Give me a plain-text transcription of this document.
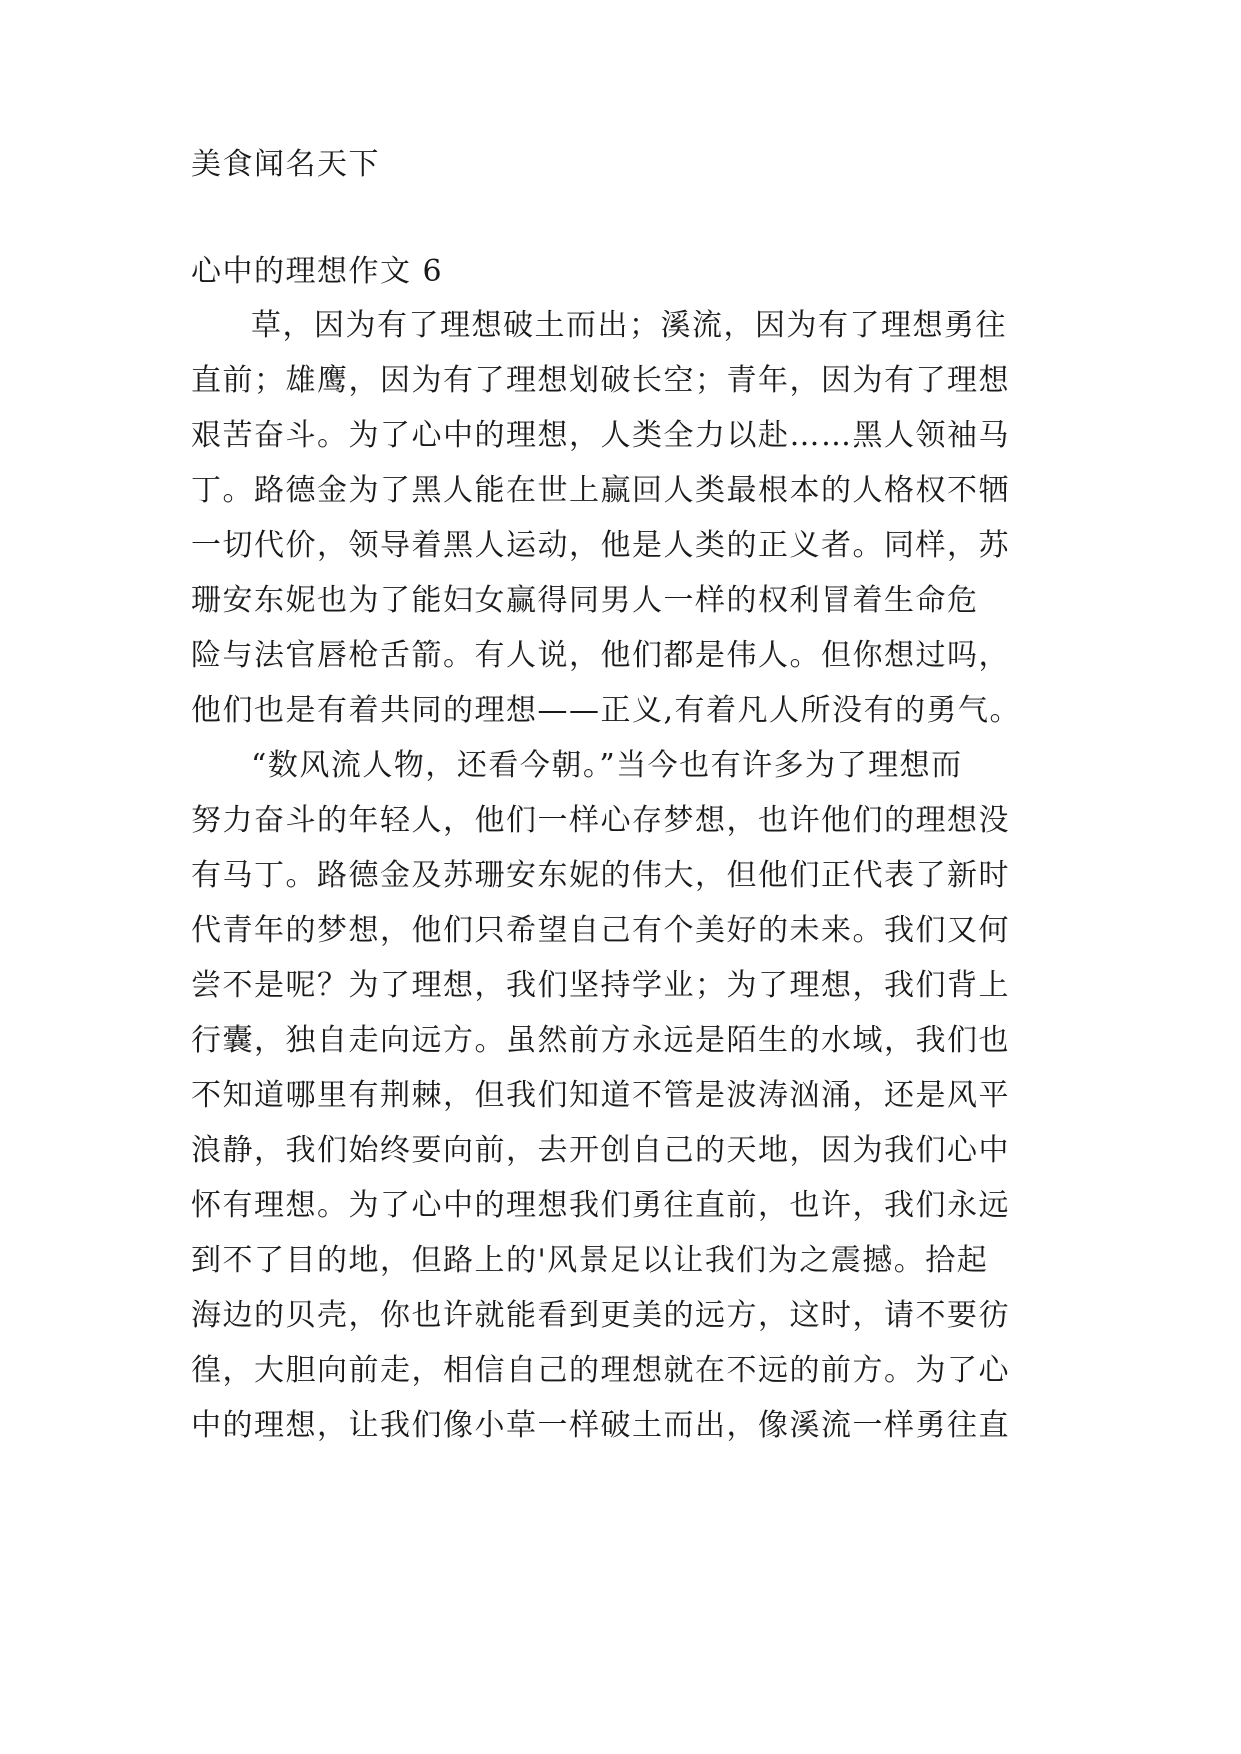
美食闻名天下
心中的理想作文 6
草，因为有了理想破土而出；溪流，因为有了理想勇往
直前；雄鹰，因为有了理想划破长空；青年，因为有了理想
艰苦奋斗。为了心中的理想，人类全力以赴……黑人领袖马
丁。路德金为了黑人能在世上赢回人类最根本的人格权不牺
一切代价，领导着黑人运动，他是人类的正义者。同样，苏
珊安东妮也为了能妇女赢得同男人一样的权利冒着生命危
险与法官唇枪舌箭。有人说，他们都是伟人。但你想过吗，
他们也是有着共同的理想——正义,有着凡人所没有的勇气。
“数风流人物，还看今朝。”当今也有许多为了理想而
努力奋斗的年轻人，他们一样心存梦想，也许他们的理想没
有马丁。路德金及苏珊安东妮的伟大，但他们正代表了新时
代青年的梦想，他们只希望自己有个美好的未来。我们又何
尝不是呢？为了理想，我们坚持学业；为了理想，我们背上
行囊，独自走向远方。虽然前方永远是陌生的水域，我们也
不知道哪里有荆棘，但我们知道不管是波涛汹涌，还是风平
浪静，我们始终要向前，去开创自己的天地，因为我们心中
怀有理想。为了心中的理想我们勇往直前，也许，我们永远
到不了目的地，但路上的'风景足以让我们为之震撼。拾起
海边的贝壳，你也许就能看到更美的远方，这时，请不要彷
徨，大胆向前走，相信自己的理想就在不远的前方。为了心
中的理想，让我们像小草一样破土而出，像溪流一样勇往直
